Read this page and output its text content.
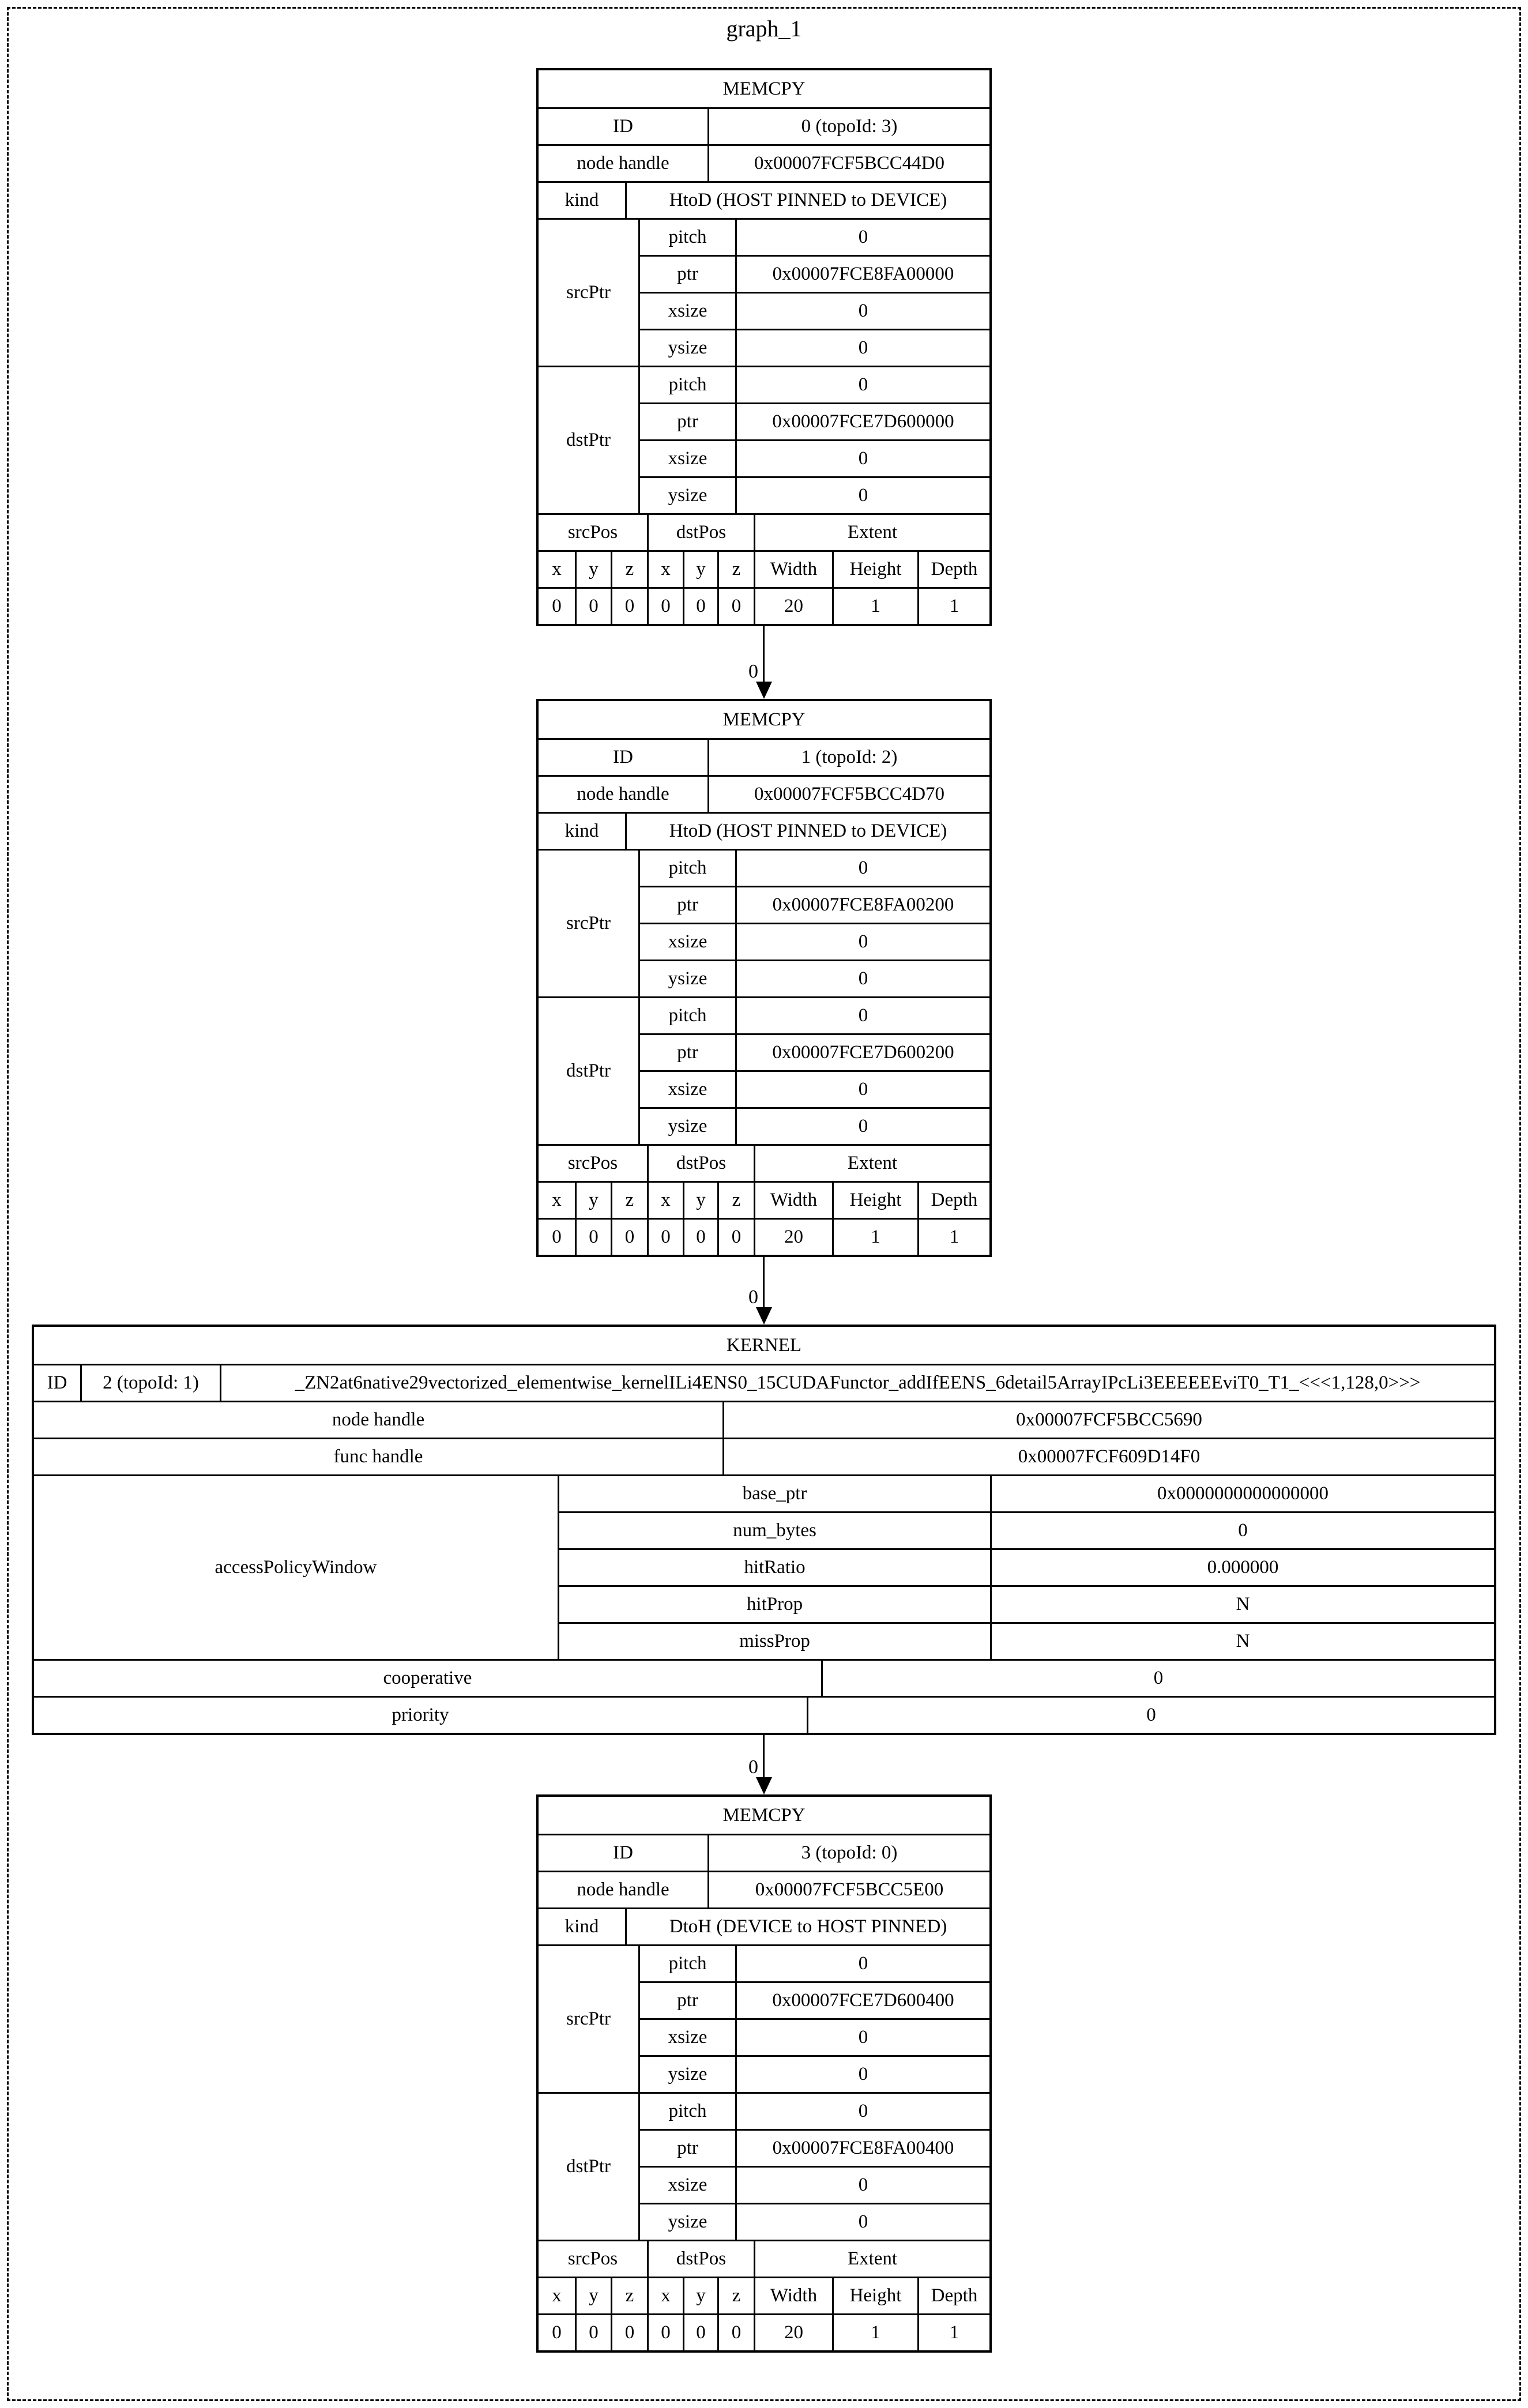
graph_1
MEMCPY
ID	0 (topoId: 3)
node handle	0x00007FCF5BCC44D0
kind	HtoD (HOST PINNED to DEVICE)
srcPtr
pitch	0
ptr	0x00007FCE8FA00000
xsize	0
ysize	0
dstPtr
pitch	0
ptr	0x00007FCE7D600000
xsize	0
ysize	0
srcPos	dstPos	Extent
x	y	z	x	y	z	Width	Height	Depth
0	0	0	0	0	0	20	1	1
0
MEMCPY
ID	1 (topoId: 2)
node handle	0x00007FCF5BCC4D70
kind	HtoD (HOST PINNED to DEVICE)
srcPtr
pitch	0
ptr	0x00007FCE8FA00200
xsize	0
ysize	0
dstPtr
pitch	0
ptr	0x00007FCE7D600200
xsize	0
ysize	0
srcPos	dstPos	Extent
x	y	z	x	y	z	Width	Height	Depth
0	0	0	0	0	0	20	1	1
0
KERNEL
ID	2 (topoId: 1)	_ZN2at6native29vectorized_elementwise_kernelILi4ENS0_15CUDAFunctor_addIfEENS_6detail5ArrayIPcLi3EEEEEEviT0_T1_<<<1,128,0>>>
node handle	0x00007FCF5BCC5690
func handle	0x00007FCF609D14F0
accessPolicyWindow
base_ptr	0x0000000000000000
num_bytes	0
hitRatio	0.000000
hitProp	N
missProp	N
cooperative	0
priority	0
0
MEMCPY
ID	3 (topoId: 0)
node handle	0x00007FCF5BCC5E00
kind	DtoH (DEVICE to HOST PINNED)
srcPtr
pitch	0
ptr	0x00007FCE7D600400
xsize	0
ysize	0
dstPtr
pitch	0
ptr	0x00007FCE8FA00400
xsize	0
ysize	0
srcPos	dstPos	Extent
x	y	z	x	y	z	Width	Height	Depth
0	0	0	0	0	0	20	1	1
